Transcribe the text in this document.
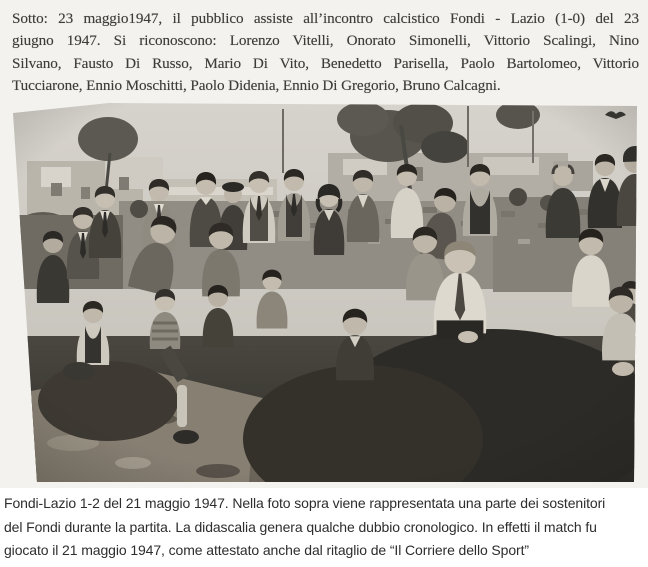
Sotto: 23 maggio1947, il pubblico assiste all’incontro calcistico Fondi - Lazio (1-0) del 23
giugno 1947. Si riconoscono: Lorenzo Vitelli, Onorato Simonelli, Vittorio Scalingi, Nino
Silvano, Fausto Di Russo, Mario Di Vito, Benedetto Parisella, Paolo Bartolomeo, Vittorio
Tucciarone, Ennio Moschitti, Paolo Didenia, Ennio Di Gregorio, Bruno Calcagni.
Fondi-Lazio 1-2 del 21 maggio 1947. Nella foto sopra viene rappresentata una parte dei sostenitori
del Fondi durante la partita. La didascalia genera qualche dubbio cronologico. In effetti il match fu
giocato il 21 maggio 1947, come attestato anche dal ritaglio de “Il Corriere dello Sport”
